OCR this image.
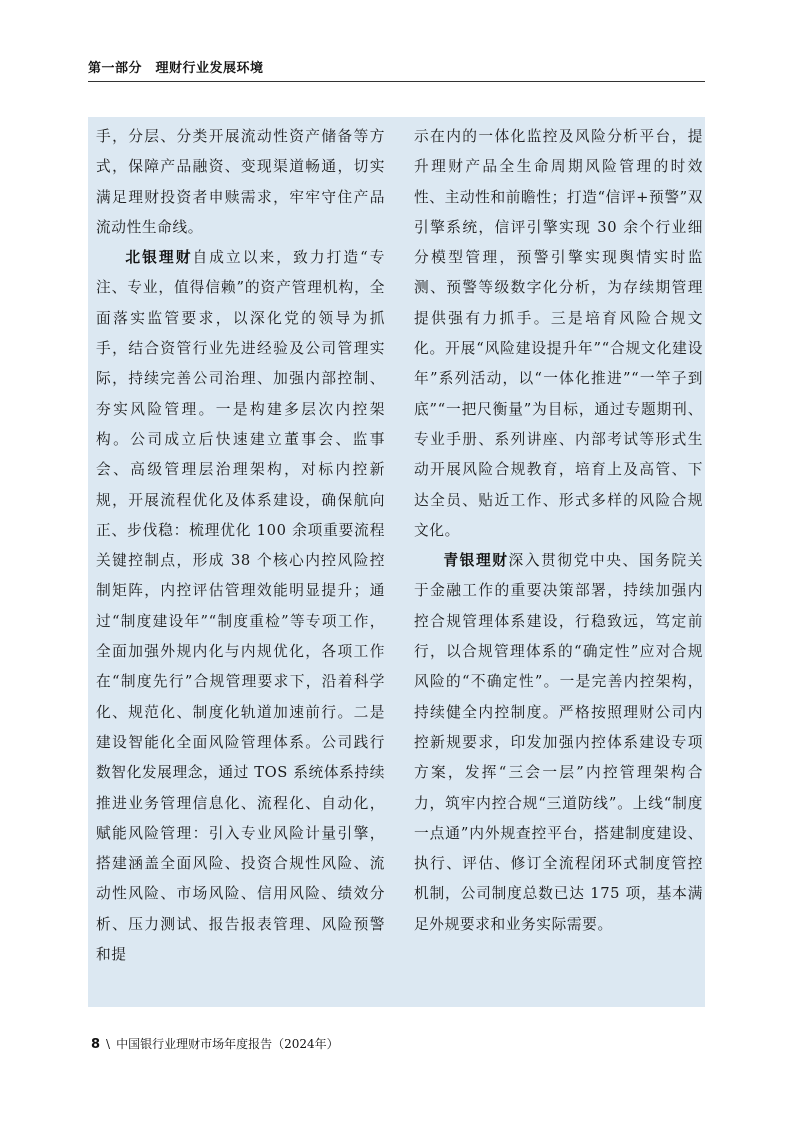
第一部分　理财行业发展环境

手，分层、分类开展流动性资产储备等方式，保障产品融资、变现渠道畅通，切实满足理财投资者申赎需求，牢牢守住产品流动性生命线。

北银理财自成立以来，致力打造“专注、专业，值得信赖”的资产管理机构，全面落实监管要求，以深化党的领导为抓手，结合资管行业先进经验及公司管理实际，持续完善公司治理、加强内部控制、夯实风险管理。一是构建多层次内控架构。公司成立后快速建立董事会、监事会、高级管理层治理架构，对标内控新规，开展流程优化及体系建设，确保航向正、步伐稳：梳理优化 100 余项重要流程关键控制点，形成 38 个核心内控风险控制矩阵，内控评估管理效能明显提升；通过“制度建设年”“制度重检”等专项工作，全面加强外规内化与内规优化，各项工作在“制度先行”合规管理要求下，沿着科学化、规范化、制度化轨道加速前行。二是建设智能化全面风险管理体系。公司践行数智化发展理念，通过 TOS 系统体系持续推进业务管理信息化、流程化、自动化，赋能风险管理：引入专业风险计量引擎，搭建涵盖全面风险、投资合规性风险、流动性风险、市场风险、信用风险、绩效分析、压力测试、报告报表管理、风险预警和提

示在内的一体化监控及风险分析平台，提升理财产品全生命周期风险管理的时效性、主动性和前瞻性；打造“信评+预警”双引擎系统，信评引擎实现 30 余个行业细分模型管理，预警引擎实现舆情实时监测、预警等级数字化分析，为存续期管理提供强有力抓手。三是培育风险合规文化。开展“风险建设提升年”“合规文化建设年”系列活动，以“一体化推进”“一竿子到底”“一把尺衡量”为目标，通过专题期刊、专业手册、系列讲座、内部考试等形式生动开展风险合规教育，培育上及高管、下达全员、贴近工作、形式多样的风险合规文化。

青银理财深入贯彻党中央、国务院关于金融工作的重要决策部署，持续加强内控合规管理体系建设，行稳致远，笃定前行，以合规管理体系的“确定性”应对合规风险的“不确定性”。一是完善内控架构，持续健全内控制度。严格按照理财公司内控新规要求，印发加强内控体系建设专项方案，发挥“三会一层”内控管理架构合力，筑牢内控合规“三道防线”。上线“制度一点通”内外规查控平台，搭建制度建设、执行、评估、修订全流程闭环式制度管控机制，公司制度总数已达 175 项，基本满足外规要求和业务实际需要。

8 \ 中国银行业理财市场年度报告（2024年）
